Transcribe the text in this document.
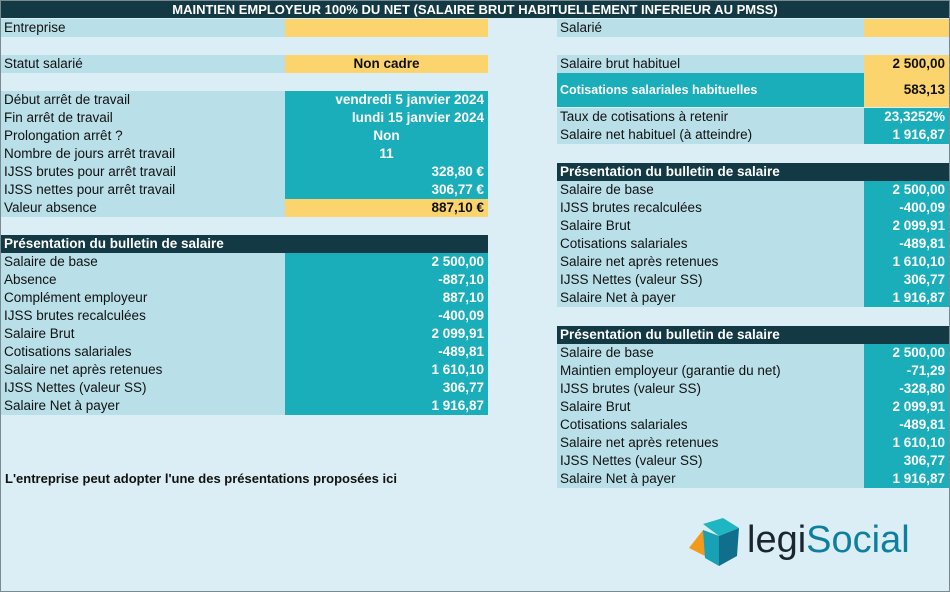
MAINTIEN EMPLOYEUR 100% DU NET (SALAIRE BRUT HABITUELLEMENT INFERIEUR AU PMSS)
Entreprise
Statut salarié	Non cadre
Début arrêt de travail	vendredi 5 janvier 2024
Fin arrêt de travail	lundi 15 janvier 2024
Prolongation arrêt ?	Non
Nombre de jours arrêt travail	11
IJSS brutes pour arrêt travail	328,80 €
IJSS nettes pour arrêt travail	306,77 €
Valeur absence	887,10 €
Présentation du bulletin de salaire
Salaire de base	2 500,00
Absence	-887,10
Complément employeur	887,10
IJSS brutes recalculées	-400,09
Salaire Brut	2 099,91
Cotisations salariales	-489,81
Salaire net après retenues	1 610,10
IJSS Nettes (valeur SS)	306,77
Salaire Net à payer	1 916,87
Salarié
Salaire brut habituel	2 500,00
Cotisations salariales habituelles	583,13
Taux de cotisations à retenir	23,3252%
Salaire net habituel (à atteindre)	1 916,87
Présentation du bulletin de salaire
Salaire de base	2 500,00
IJSS brutes recalculées	-400,09
Salaire Brut	2 099,91
Cotisations salariales	-489,81
Salaire net après retenues	1 610,10
IJSS Nettes (valeur SS)	306,77
Salaire Net à payer	1 916,87
Présentation du bulletin de salaire
Salaire de base	2 500,00
Maintien employeur (garantie du net)	-71,29
IJSS brutes (valeur SS)	-328,80
Salaire Brut	2 099,91
Cotisations salariales	-489,81
Salaire net après retenues	1 610,10
IJSS Nettes (valeur SS)	306,77
Salaire Net à payer	1 916,87
L'entreprise peut adopter l'une des présentations proposées ici
legiSocial
